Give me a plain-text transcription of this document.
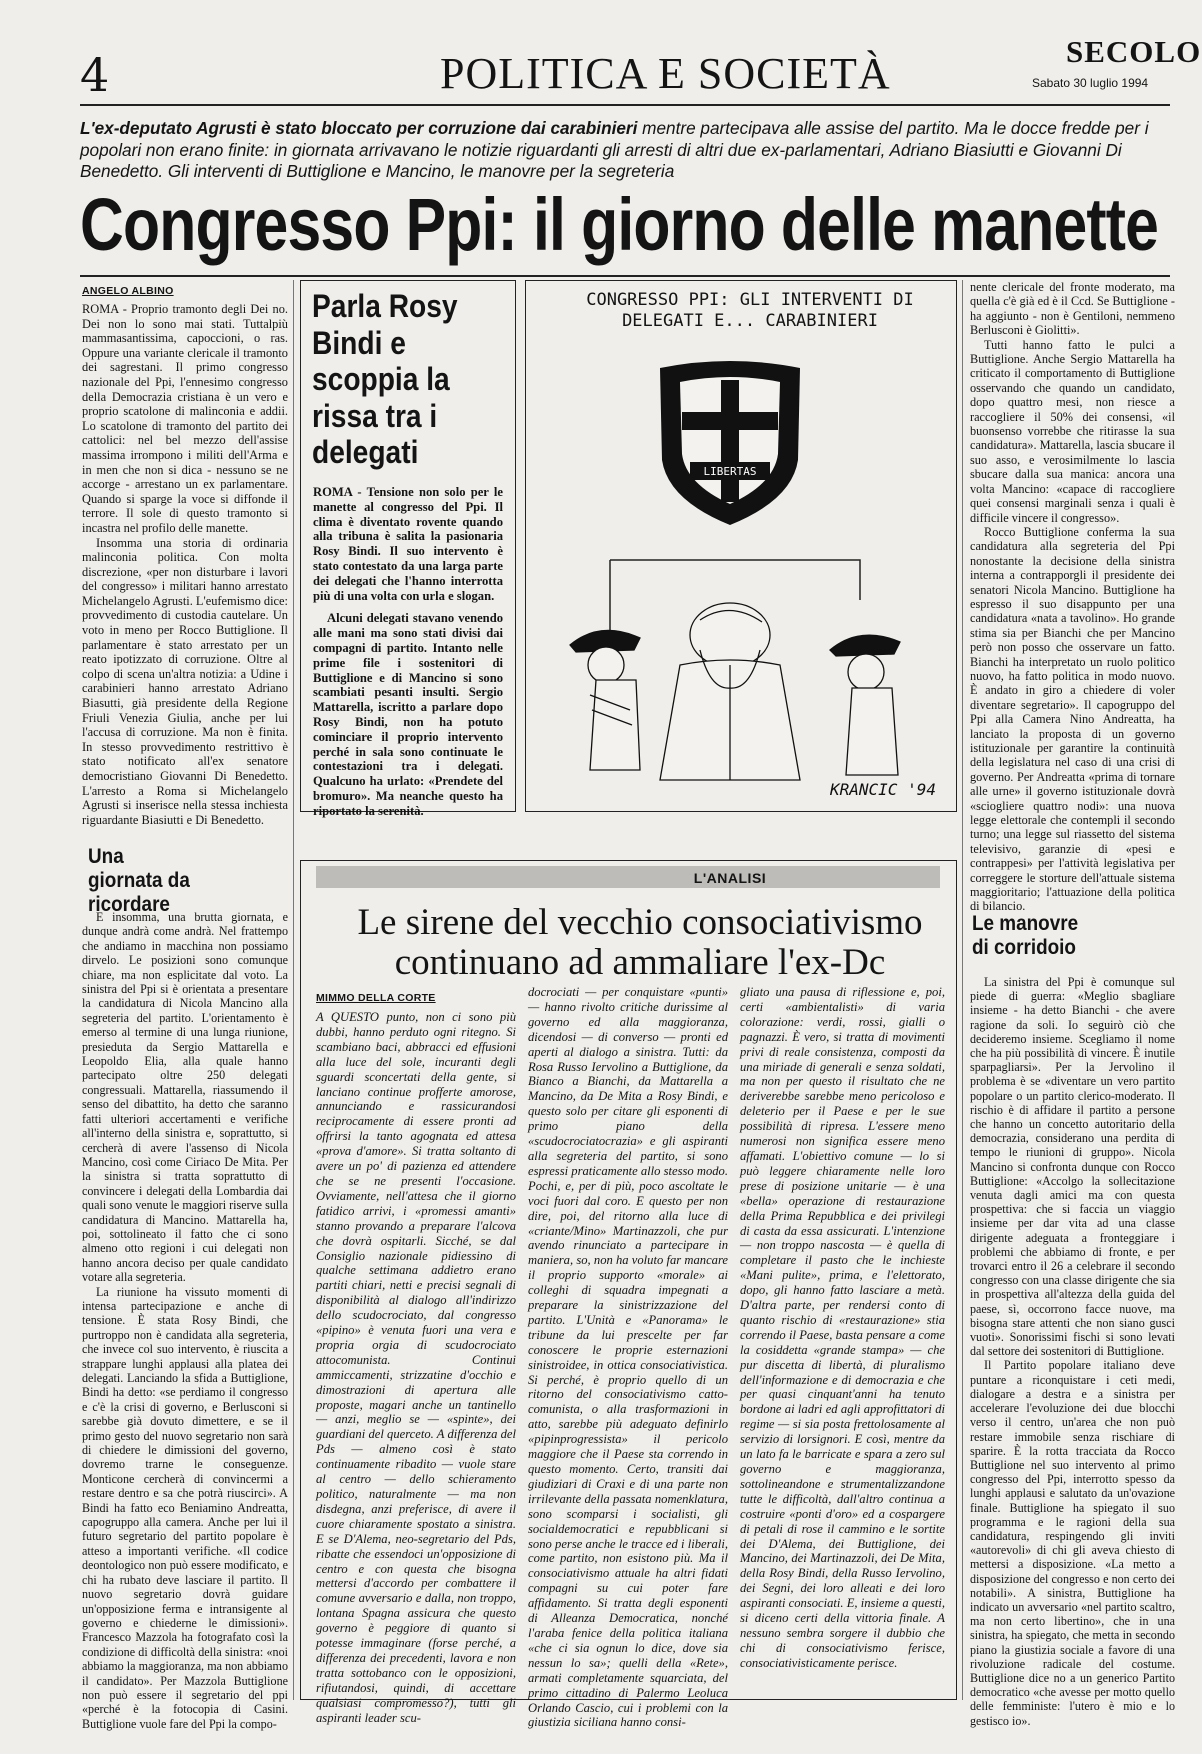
4	POLITICA E SOCIETÀ	SECOLO
Sabato 30 luglio 1994
L'ex-deputato Agrusti è stato bloccato per corruzione dai carabinieri mentre partecipava alle assise del partito. Ma le docce fredde per i popolari non erano finite: in giornata arrivavano le notizie riguardanti gli arresti di altri due ex-parlamentari, Adriano Biasiutti e Giovanni Di Benedetto. Gli interventi di Buttiglione e Mancino, le manovre per la segreteria
Congresso Ppi: il giorno delle manette
ANGELO ALBINO

ROMA - Proprio tramonto degli Dei no. Dei non lo sono mai stati. Tuttalpiù mammasantissima, capoccioni, o ras. Oppure una variante clericale il tramonto dei sagrestani. Il primo congresso nazionale del Ppi, l'ennesimo congresso della Democrazia cristiana è un vero e proprio scatolone di malinconia e addii. Lo scatolone di tramonto del partito dei cattolici: nel bel mezzo dell'assise massima irrompono i militi dell'Arma e in men che non si dica - nessuno se ne accorge - arrestano un ex parlamentare. Quando si sparge la voce si diffonde il terrore. Il sole di questo tramonto si incastra nel profilo delle manette.

Insomma una storia di ordinaria malinconia politica. Con molta discrezione, «per non disturbare i lavori del congresso» i militari hanno arrestato Michelangelo Agrusti. L'eufemismo dice: provvedimento di custodia cautelare. Un voto in meno per Rocco Buttiglione. Il parlamentare è stato arrestato per un reato ipotizzato di corruzione. Oltre al colpo di scena un'altra notizia: a Udine i carabinieri hanno arrestato Adriano Biasutti, già presidente della Regione Friuli Venezia Giulia, anche per lui l'accusa di corruzione. Ma non è finita. In stesso provvedimento restrittivo è stato notificato all'ex senatore democristiano Giovanni Di Benedetto. L'arresto a Roma si Michelangelo Agrusti si inserisce nella stessa inchiesta riguardante Biasiutti e Di Benedetto.

Una giornata da ricordare

E insomma, una brutta giornata, e dunque andrà come andrà. Nel frattempo che andiamo in macchina non possiamo dirvelo. Le posizioni sono comunque chiare, ma non esplicitate dal voto. La sinistra del Ppi si è orientata a presentare la candidatura di Nicola Mancino alla segreteria del partito. L'orientamento è emerso al termine di una lunga riunione, presieduta da Sergio Mattarella e Leopoldo Elia, alla quale hanno partecipato oltre 250 delegati congressuali. Mattarella, riassumendo il senso del dibattito, ha detto che saranno fatti ulteriori accertamenti e verifiche all'interno della sinistra e, soprattutto, si cercherà di avere l'assenso di Nicola Mancino, così come Ciriaco De Mita. Per la sinistra si tratta soprattutto di convincere i delegati della Lombardia dai quali sono venute le maggiori riserve sulla candidatura di Mancino. Mattarella ha, poi, sottolineato il fatto che ci sono almeno otto regioni i cui delegati non hanno ancora deciso per quale candidato votare alla segreteria.

La riunione ha vissuto momenti di intensa partecipazione e anche di tensione. È stata Rosy Bindi, che purtroppo non è candidata alla segreteria, che invece col suo intervento, è riuscita a strappare lunghi applausi alla platea dei delegati. Lanciando la sfida a Buttiglione, Bindi ha detto: «se perdiamo il congresso e c'è la crisi di governo, e Berlusconi si sarebbe già dovuto dimettere, e se il primo gesto del nuovo segretario non sarà di chiedere le dimissioni del governo, dovremo trarne le conseguenze. Monticone cercherà di convincermi a restare dentro e sa che potrà riuscirci». A Bindi ha fatto eco Beniamino Andreatta, capogruppo alla camera. Anche per lui il futuro segretario del partito popolare è atteso a importanti verifiche. «Il codice deontologico non può essere modificato, e chi ha rubato deve lasciare il partito. Il nuovo segretario dovrà guidare un'opposizione ferma e intransigente al governo e chiederne le dimissioni». Francesco Mazzola ha fotografato così la condizione di difficoltà della sinistra: «noi abbiamo la maggioranza, ma non abbiamo il candidato». Per Mazzola Buttiglione non può essere il segretario del ppi «perché è la fotocopia di Casini. Buttiglione vuole fare del Ppi la compo-

Parla Rosy Bindi e scoppia la rissa tra i delegati

ROMA - Tensione non solo per le manette al congresso del Ppi. Il clima è diventato rovente quando alla tribuna è salita la pasionaria Rosy Bindi. Il suo intervento è stato contestato da una larga parte dei delegati che l'hanno interrotta più di una volta con urla e slogan.

Alcuni delegati stavano venendo alle mani ma sono stati divisi dai compagni di partito. Intanto nelle prime file i sostenitori di Buttiglione e di Mancino si sono scambiati pesanti insulti. Sergio Mattarella, iscritto a parlare dopo Rosy Bindi, non ha potuto cominciare il proprio intervento perché in sala sono continuate le contestazioni tra i delegati. Qualcuno ha urlato: «Prendete del bromuro». Ma neanche questo ha riportato la serenità.

CONGRESSO PPI: GLI INTERVENTI DI DELEGATI E... CARABINIERI
LIBERTAS
KRANCIC '94
L'ANALISI
Le sirene del vecchio consociativismo continuano ad ammaliare l'ex-Dc
MIMMO DELLA CORTE

A QUESTO punto, non ci sono più dubbi, hanno perduto ogni ritegno. Si scambiano baci, abbracci ed effusioni alla luce del sole, incuranti degli sguardi sconcertati della gente, si lanciano continue profferte amorose, annunciando e rassicurandosi reciprocamente di essere pronti ad offrirsi la tanto agognata ed attesa «prova d'amore». Si tratta soltanto di avere un po' di pazienza ed attendere che se ne presenti l'occasione. Ovviamente, nell'attesa che il giorno fatidico arrivi, i «promessi amanti» stanno provando a preparare l'alcova che dovrà ospitarli. Sicché, se dal Consiglio nazionale pidiessino di qualche settimana addietro erano partiti chiari, netti e precisi segnali di disponibilità al dialogo all'indirizzo dello scudocrociato, dal congresso «pipino» è venuta fuori una vera e propria orgia di scudocrociato attocomunista. Continui ammiccamenti, strizzatine d'occhio e dimostrazioni di apertura alle proposte, magari anche un tantinello — anzi, meglio se — «spinte», dei guardiani del querceto. A differenza del Pds — almeno così è stato continuamente ribadito — vuole stare al centro — dello schieramento politico, naturalmente — ma non disdegna, anzi preferisce, di avere il cuore chiaramente spostato a sinistra. E se D'Alema, neo-segretario del Pds, ribatte che essendoci un'opposizione di centro e con questa che bisogna mettersi d'accordo per combattere il comune avversario e dalla, non troppo, lontana Spagna assicura che questo governo è peggiore di quanto si potesse immaginare (forse perché, a differenza dei precedenti, lavora e non tratta sottobanco con le opposizioni, rifiutandosi, quindi, di accettare qualsiasi compromesso?), tutti gli aspiranti leader scu-

docrociati — per conquistare «punti» — hanno rivolto critiche durissime al governo ed alla maggioranza, dicendosi — di converso — pronti ed aperti al dialogo a sinistra. Tutti: da Rosa Russo Iervolino a Buttiglione, da Bianco a Bianchi, da Mattarella a Mancino, da De Mita a Rosy Bindi, e questo solo per citare gli esponenti di primo piano della «scudocrociatocrazia» e gli aspiranti alla segreteria del partito, si sono espressi praticamente allo stesso modo. Pochi, e, per di più, poco ascoltate le voci fuori dal coro. E questo per non dire, poi, del ritorno alla luce di «criante/Mino» Martinazzoli, che pur avendo rinunciato a partecipare in maniera, so, non ha voluto far mancare il proprio supporto «morale» ai colleghi di squadra impegnati a preparare la sinistrizzazione del partito. L'Unità e «Panorama» le tribune da lui prescelte per far conoscere le proprie esternazioni sinistroidee, in ottica consociativistica. Si perché, è proprio quello di un ritorno del consociativismo catto-comunista, o alla trasformazioni in atto, sarebbe più adeguato definirlo «pipinprogressista» il pericolo maggiore che il Paese sta correndo in questo momento. Certo, transiti dai giudiziari di Craxi e di una parte non irrilevante della passata nomenklatura, sono scomparsi i socialisti, gli socialdemocratici e repubblicani si sono perse anche le tracce ed i liberali, come partito, non esistono più. Ma il consociativismo attuale ha altri fidati compagni su cui poter fare affidamento. Si tratta degli esponenti di Alleanza Democratica, nonché l'araba fenice della politica italiana «che ci sia ognun lo dice, dove sia nessun lo sa»; quelli della «Rete», armati completamente squarciata, del primo cittadino di Palermo Leoluca Orlando Cascio, cui i problemi con la giustizia siciliana hanno consi-

gliato una pausa di riflessione e, poi, certi «ambientalisti» di varia colorazione: verdi, rossi, gialli o pagnazzi. È vero, si tratta di movimenti privi di reale consistenza, composti da una miriade di generali e senza soldati, ma non per questo il risultato che ne deriverebbe sarebbe meno pericoloso e deleterio per il Paese e per le sue possibilità di ripresa. L'essere meno numerosi non significa essere meno affamati. L'obiettivo comune — lo si può leggere chiaramente nelle loro prese di posizione unitarie — è una «bella» operazione di restaurazione della Prima Repubblica e dei privilegi di casta da essa assicurati. L'intenzione — non troppo nascosta — è quella di completare il pasto che le inchieste «Mani pulite», prima, e l'elettorato, dopo, gli hanno fatto lasciare a metà. D'altra parte, per rendersi conto di quanto rischio di «restaurazione» stia correndo il Paese, basta pensare a come la cosiddetta «grande stampa» — che pur discetta di libertà, di pluralismo dell'informazione e di democrazia e che per quasi cinquant'anni ha tenuto bordone ai ladri ed agli approfittatori di regime — si sia posta frettolosamente al servizio di lorsignori. E così, mentre da un lato fa le barricate e spara a zero sul governo e maggioranza, sottolineandone e strumentalizzandone tutte le difficoltà, dall'altro continua a costruire «ponti d'oro» ed a cospargere di petali di rose il cammino e le sortite dei D'Alema, dei Buttiglione, dei Mancino, dei Martinazzoli, dei De Mita, della Rosy Bindi, della Russo Iervolino, dei Segni, dei loro alleati e dei loro aspiranti consociati. E, insieme a questi, si diceno certi della vittoria finale. A nessuno sembra sorgere il dubbio che chi di consociativismo ferisce, consociativisticamente perisce.

nente clericale del fronte moderato, ma quella c'è già ed è il Ccd. Se Buttiglione - ha aggiunto - non è Gentiloni, nemmeno Berlusconi è Giolitti».

Tutti hanno fatto le pulci a Buttiglione. Anche Sergio Mattarella ha criticato il comportamento di Buttiglione osservando che quando un candidato, dopo quattro mesi, non riesce a raccogliere il 50% dei consensi, «il buonsenso vorrebbe che ritirasse la sua candidatura». Mattarella, lascia sbucare il suo asso, e verosimilmente lo lascia sbucare dalla sua manica: ancora una volta Mancino: «capace di raccogliere quei consensi marginali senza i quali è difficile vincere il congresso».

Rocco Buttiglione conferma la sua candidatura alla segreteria del Ppi nonostante la decisione della sinistra interna a contrapporgli il presidente dei senatori Nicola Mancino. Buttiglione ha espresso il suo disappunto per una candidatura «nata a tavolino». Ho grande stima sia per Bianchi che per Mancino però non posso che osservare un fatto. Bianchi ha interpretato un ruolo politico nuovo, ha fatto politica in modo nuovo. È andato in giro a chiedere di voler diventare segretario». Il capogruppo del Ppi alla Camera Nino Andreatta, ha lanciato la proposta di un governo istituzionale per garantire la continuità della legislatura nel caso di una crisi di governo. Per Andreatta «prima di tornare alle urne» il governo istituzionale dovrà «sciogliere quattro nodi»: una nuova legge elettorale che contempli il secondo turno; una legge sul riassetto del sistema televisivo, garanzie di «pesi e contrappesi» per l'attività legislativa per correggere le storture dell'attuale sistema maggioritario; l'attuazione della politica di bilancio.

Le manovre di corridoio

La sinistra del Ppi è comunque sul piede di guerra: «Meglio sbagliare insieme - ha detto Bianchi - che avere ragione da soli. Io seguirò ciò che decideremo insieme. Scegliamo il nome che ha più possibilità di vincere. È inutile sparpagliarsi». Per la Jervolino il problema è se «diventare un vero partito popolare o un partito clerico-moderato. Il rischio è di affidare il partito a persone che hanno un concetto autoritario della democrazia, considerano una perdita di tempo le riunioni di gruppo». Nicola Mancino si confronta dunque con Rocco Buttiglione: «Accolgo la sollecitazione venuta dagli amici ma con questa prospettiva: che si faccia un viaggio insieme per dar vita ad una classe dirigente adeguata a fronteggiare i problemi che abbiamo di fronte, e per trovarci entro il 26 a celebrare il secondo congresso con una classe dirigente che sia in prospettiva all'altezza della guida del paese, sì, occorrono facce nuove, ma bisogna stare attenti che non siano gusci vuoti». Sonorissimi fischi si sono levati dal settore dei sostenitori di Buttiglione.

Il Partito popolare italiano deve puntare a riconquistare i ceti medi, dialogare a destra e a sinistra per accelerare l'evoluzione dei due blocchi verso il centro, un'area che non può restare immobile senza rischiare di sparire. È la rotta tracciata da Rocco Buttiglione nel suo intervento al primo congresso del Ppi, interrotto spesso da lunghi applausi e salutato da un'ovazione finale. Buttiglione ha spiegato il suo programma e le ragioni della sua candidatura, respingendo gli inviti «autorevoli» di chi gli aveva chiesto di mettersi a disposizione. «La metto a disposizione del congresso e non certo dei notabili». A sinistra, Buttiglione ha indicato un avversario «nel partito scaltro, ma non certo libertino», che in una sinistra, ha spiegato, che metta in secondo piano la giustizia sociale a favore di una rivoluzione radicale del costume. Buttiglione dice no a un generico Partito democratico «che avesse per motto quello delle femministe: l'utero è mio e lo gestisco io».
